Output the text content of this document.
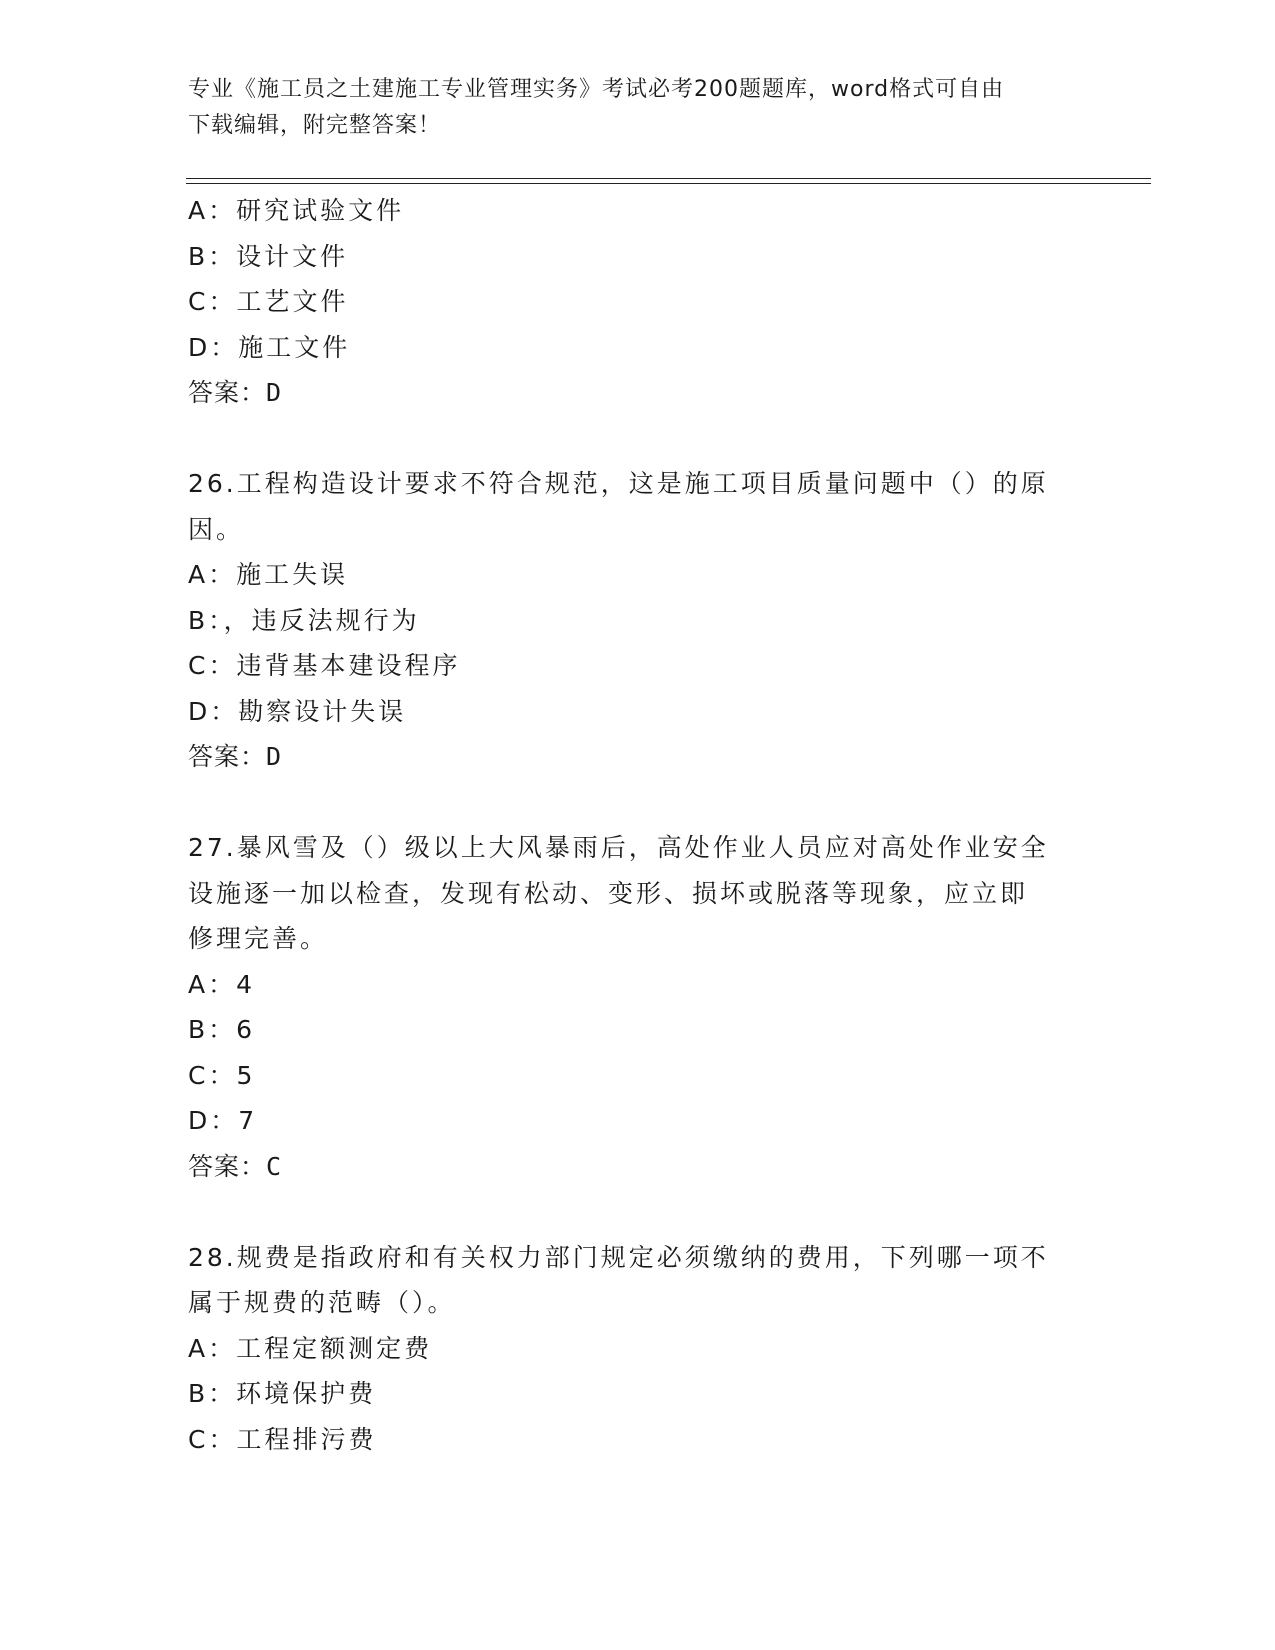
专业《施工员之土建施工专业管理实务》考试必考200题题库，word格式可自由
下载编辑，附完整答案！
A：研究试验文件
B：设计文件
C：工艺文件
D：施工文件
答案：D
26.工程构造设计要求不符合规范，这是施工项目质量问题中（）的原
因。
A：施工失误
B：，违反法规行为
C：违背基本建设程序
D：勘察设计失误
答案：D
27.暴风雪及（）级以上大风暴雨后，高处作业人员应对高处作业安全
设施逐一加以检查，发现有松动、变形、损坏或脱落等现象，应立即
修理完善。
A：4
B：6
C：5
D：7
答案：C
28.规费是指政府和有关权力部门规定必须缴纳的费用，下列哪一项不
属于规费的范畴（）。
A：工程定额测定费
B：环境保护费
C：工程排污费
